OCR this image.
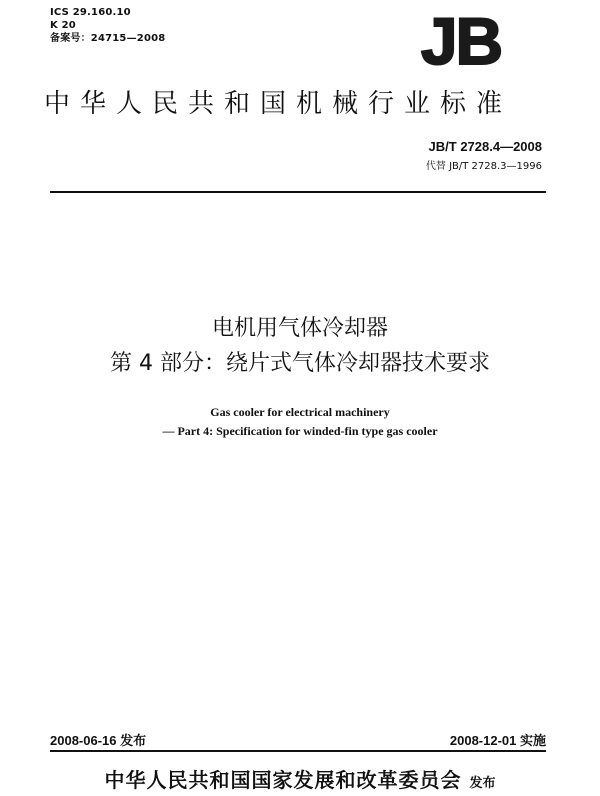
ICS 29.160.10
K 20
备案号：24715—2008	JB
中华人民共和国机械行业标准
JB/T 2728.4—2008
代替 JB/T 2728.3—1996
电机用气体冷却器
第 4 部分：绕片式气体冷却器技术要求
Gas cooler for electrical machinery
— Part 4: Specification for winded-fin type gas cooler
2008-06-16 发布	2008-12-01 实施
中华人民共和国国家发展和改革委员会 发布
